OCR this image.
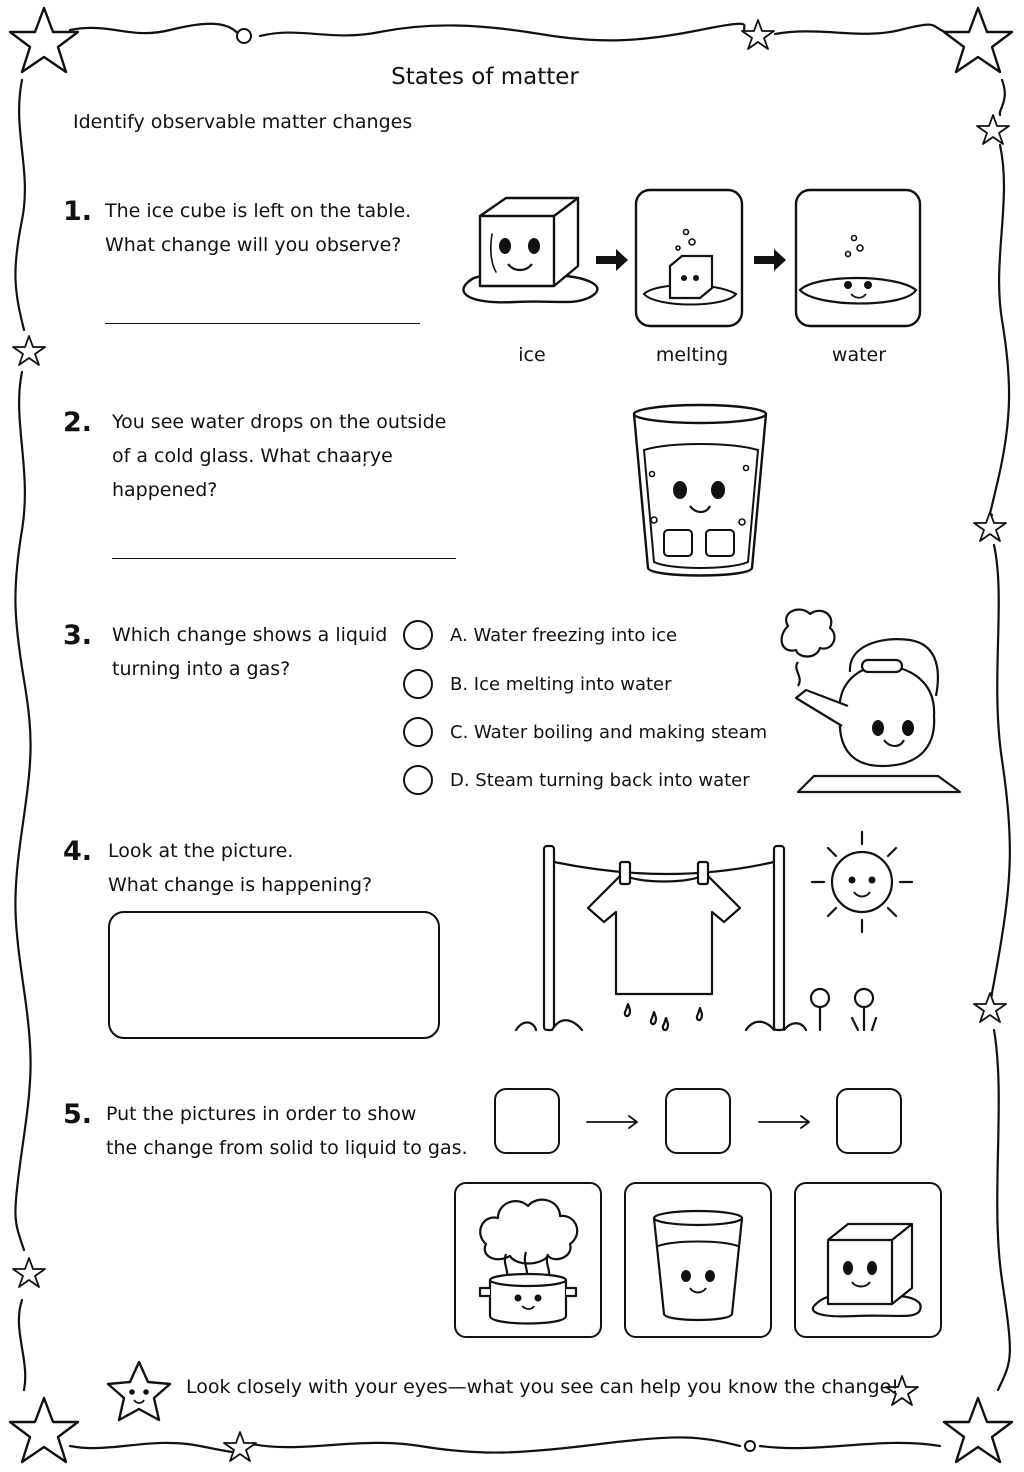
States of matter
Identify observable matter changes
1. The ice cube is left on the table.
What change will you observe?
ice	melting	water
2. You see water drops on the outside
of a cold glass. What chaaŗye
happened?
3. Which change shows a liquid
turning into a gas?
A. Water freezing into ice
B. Ice melting into water
C. Water boiling and making steam
D. Steam turning back into water
4. Look at the picture.
What change is happening?
5. Put the pictures in order to show
the change from solid to liquid to gas.
Look closely with your eyes—what you see can help you know the change!
